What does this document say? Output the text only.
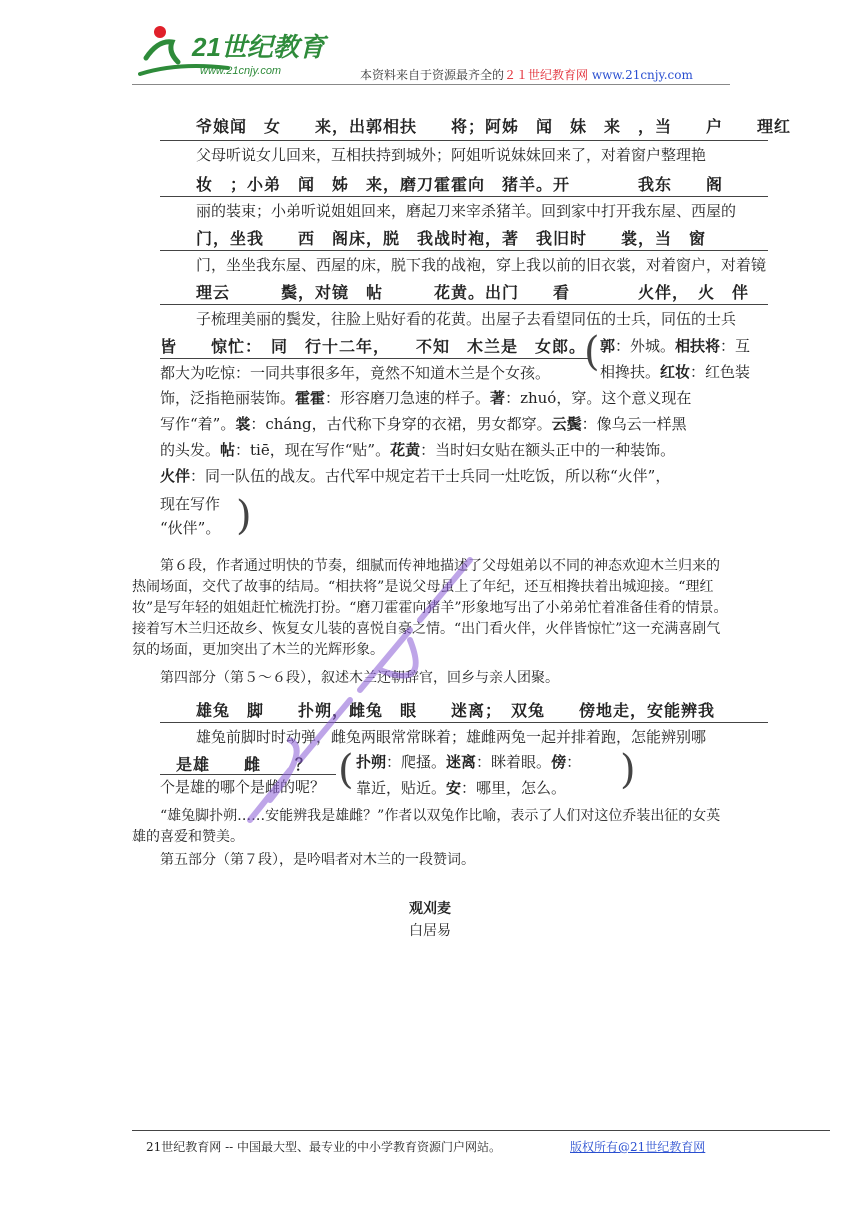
21世纪教育
www.21cnjy.com	本资料来自于资源最齐全的２１世纪教育网 www.21cnjy.com
爷娘闻　女　　来，出郭相扶　　将；阿姊　闻　妹　来　，当　　户　　理红
父母听说女儿回来，互相扶持到城外；阿姐听说妹妹回来了，对着窗户整理艳
妆　；小弟　闻　姊　来，磨刀霍霍向　猪羊。开　　　　我东　　阁
丽的装束；小弟听说姐姐回来，磨起刀来宰杀猪羊。回到家中打开我东屋、西屋的
门，坐我　　西　阁床，脱　我战时袍，著　我旧时　　裳，当　窗
门，坐坐我东屋、西屋的床，脱下我的战袍，穿上我以前的旧衣裳，对着窗户，对着镜
理云　　　鬓，对镜　帖　　　花黄。出门　　看　　　　火伴，　火　伴
子梳理美丽的鬓发，往脸上贴好看的花黄。出屋子去看望同伍的士兵，同伍的士兵
皆　　惊忙：　同　行十二年，　　不知　木兰是　女郎。
都大为吃惊：一同共事很多年，竟然不知道木兰是个女孩。 ( 郭：外城。相扶将：互
相搀扶。红妆：红色装
饰，泛指艳丽装饰。霍霍：形容磨刀急速的样子。著：zhuó，穿。这个意义现在
写作“着”。裳：cháng，古代称下身穿的衣裙，男女都穿。云鬓：像乌云一样黑
的头发。帖：tiē，现在写作“贴”。花黄：当时妇女贴在额头正中的一种装饰。
火伴：同一队伍的战友。古代军中规定若干士兵同一灶吃饭，所以称“火伴”，
现在写作
“伙伴”。 )
第６段，作者通过明快的节奏，细腻而传神地描述了父母姐弟以不同的神态欢迎木兰归来的热闹场面，交代了故事的结局。“相扶将”是说父母虽上了年纪，还互相搀扶着出城迎接。“理红妆”是写年轻的姐姐赶忙梳洗打扮。“磨刀霍霍向猪羊”形象地写出了小弟弟忙着准备佳肴的情景。接着写木兰归还故乡、恢复女儿装的喜悦自豪之情。“出门看火伴，火伴皆惊忙”这一充满喜剧气氛的场面，更加突出了木兰的光辉形象。
第四部分（第５～６段），叙述木兰还朝辞官，回乡与亲人团聚。
雄兔　脚　　扑朔，雌兔　眼　　迷离；　双兔　　傍地走，安能辨我
雄兔前脚时时动弹，雌兔两眼常常眯着；雄雌两兔一起并排着跑，怎能辨别哪
是雄　　雌　　？
个是雄的哪个是雌的呢？ ( 扑朔：爬搔。迷离：眯着眼。傍：
靠近，贴近。安：哪里，怎么。 )
“雄兔脚扑朔……安能辨我是雄雌？”作者以双兔作比喻，表示了人们对这位乔装出征的女英雄的喜爱和赞美。
第五部分（第７段），是吟唱者对木兰的一段赞词。
观刈麦
白居易
21世纪教育网 -- 中国最大型、最专业的中小学教育资源门户网站。	版权所有@21世纪教育网
